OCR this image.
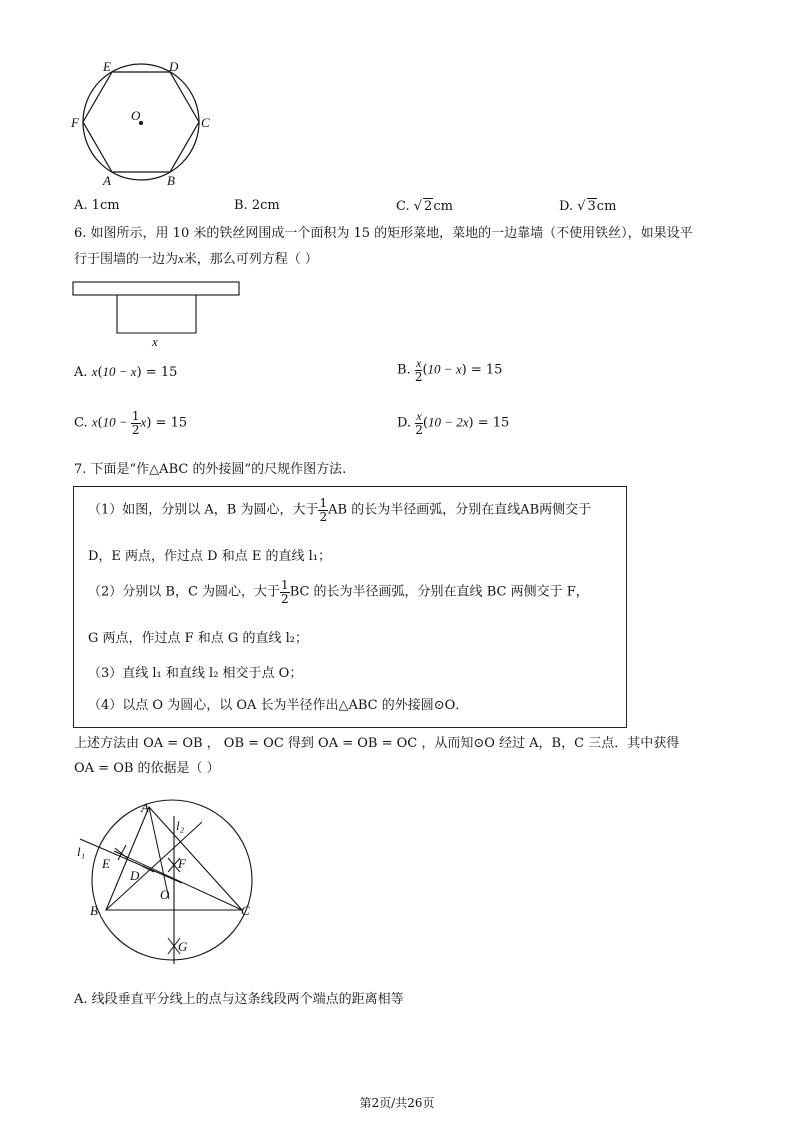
E	D
F	C
O
A	B
A. 1cm	B. 2cm	C. √ 2cm	D. √ 3cm
6. 如图所示，用 10 米的铁丝网围成一个面积为 15 的矩形菜地，菜地的一边靠墙（不使用铁丝），如果设平
行于围墙的一边为x米，那么可列方程（ ）
x
A. x(10 − x) = 15	B. $\frac{x}{2} (10 - x) = 15$
C. $x(10 - \frac{1}{2} x) = 15$	D. $\frac{x}{2} (10 - 2x) = 15$
7. 下面是“作△ABC 的外接圆”的尺规作图方法.
（1）如图，分别以 A，B 为圆心，大于 $\frac{1}{2}$ AB 的长为半径画弧，分别在直线AB两侧交于
D，E 两点，作过点 D 和点 E 的直线 l₁；
（2）分别以 B，C 为圆心，大于 $\frac{1}{2}$ BC 的长为半径画弧，分别在直线 BC 两侧交于 F，
G 两点，作过点 F 和点 G 的直线 l₂；
（3）直线 l₁ 和直线 l₂ 相交于点 O；
（4）以点 O 为圆心，以 OA 长为半径作出△ABC 的外接圆⊙O．
上述方法由 OA = OB ， OB = OC 得到 OA = OB = OC ，从而知⊙O 经过 A，B，C 三点．其中获得
OA = OB 的依据是（ ）
A
l₂
l₁
E	F
D
O
B	C
G
A. 线段垂直平分线上的点与这条线段两个端点的距离相等
第2页/共26页
